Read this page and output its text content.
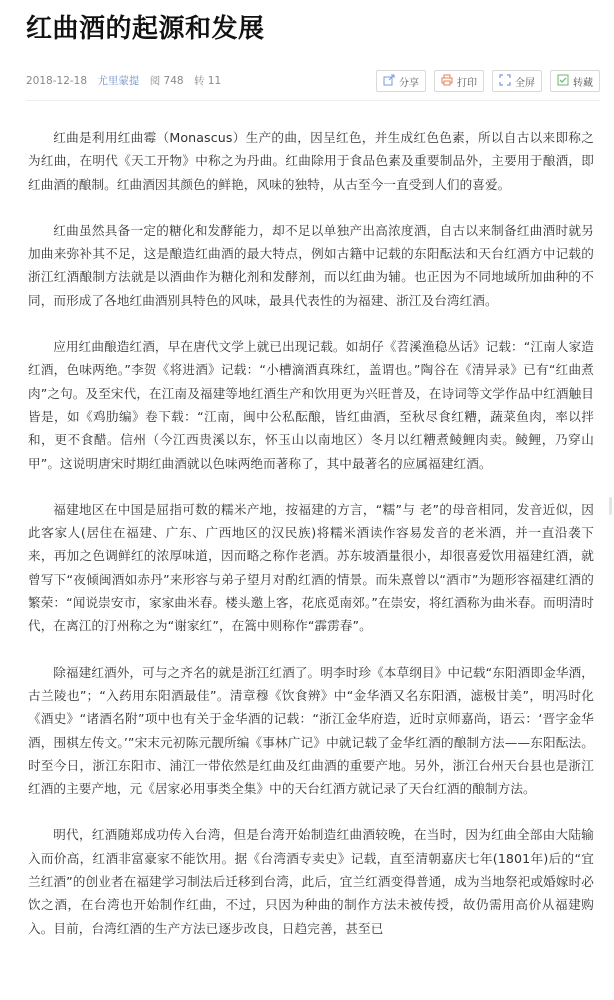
红曲酒的起源和发展
2018-12-18 尤里蒙提 阅 748 转 11	分享	打印	全屏	转藏

红曲是利用红曲霉（Monascus）生产的曲，因呈红色，并生成红色色素，所以自古以来即称之为红曲，在明代《天工开物》中称之为丹曲。红曲除用于食品色素及重要制品外，主要用于酿酒，即红曲酒的酿制。红曲酒因其颜色的鲜艳，风味的独特，从古至今一直受到人们的喜爱。

红曲虽然具备一定的糖化和发酵能力，却不足以单独产出高浓度酒，自古以来制备红曲酒时就另加曲来弥补其不足，这是酿造红曲酒的最大特点，例如古籍中记载的东阳酝法和天台红酒方中记载的浙江红酒酿制方法就是以酒曲作为糖化剂和发酵剂，而以红曲为辅。也正因为不同地域所加曲种的不同，而形成了各地红曲酒别具特色的风味，最具代表性的为福建、浙江及台湾红酒。

应用红曲酿造红酒，早在唐代文学上就已出现记载。如胡仔《苕溪渔稳丛话》记载：“江南人家造红酒，色味两绝。”李贺《将进酒》记载：“小槽滴酒真珠红，盖谓也。”陶谷在《清异录》已有“红曲煮肉”之句。及至宋代，在江南及福建等地红酒生产和饮用更为兴旺普及，在诗词等文学作品中红酒触目皆是，如《鸡肋编》卷下载：“江南，闽中公私酝酿，皆红曲酒，至秋尽食红糟，蔬菜鱼肉，率以拌和，更不食醋。信州（今江西贵溪以东，怀玉山以南地区）冬月以红糟煮鲮鲤肉卖。鲮鲤，乃穿山甲”。这说明唐宋时期红曲酒就以色味两绝而著称了，其中最著名的应属福建红酒。

福建地区在中国是屈指可数的糯米产地，按福建的方言，“糯”与 老”的母音相同，发音近似，因此客家人(居住在福建、广东、广西地区的汉民族)将糯米酒读作容易发音的老米酒，并一直沿袭下来，再加之色调鲜红的浓厚味道，因而略之称作老酒。苏东坡酒量很小，却很喜爱饮用福建红酒，就曾写下“夜倾闽酒如赤丹”来形容与弟子望月对酌红酒的情景。而朱熹曾以“酒市”为题形容福建红酒的繁荣：“闻说崇安市，家家曲米春。楼头邀上客，花底觅南郊。”在崇安，将红酒称为曲米春。而明清时代，在离江的汀州称之为“谢家红”，在篙中则称作“霹雳春”。

除福建红酒外，可与之齐名的就是浙江红酒了。明李时珍《本草纲目》中记载“东阳酒即金华酒，古兰陵也”；“入药用东阳酒最佳”。清章穆《饮食辨》中“金华酒又名东阳酒，滤极甘美”，明冯时化《酒史》“诸酒名附”项中也有关于金华酒的记载：“浙江金华府造，近时京师嘉尚，语云：‘晋字金华酒，围棋左传文。’”宋末元初陈元靓所编《事林广记》中就记载了金华红酒的酿制方法——东阳酝法。时至今日，浙江东阳市、浦江一带依然是红曲及红曲酒的重要产地。另外，浙江台州天台县也是浙江红酒的主要产地，元《居家必用事类全集》中的天台红酒方就记录了天台红酒的酿制方法。

明代，红酒随郑成功传入台湾，但是台湾开始制造红曲酒较晚，在当时，因为红曲全部由大陆输入而价高，红酒非富豪家不能饮用。据《台湾酒专卖史》记载，直至清朝嘉庆七年(1801年)后的“宜兰红酒”的创业者在福建学习制法后迁移到台湾，此后，宜兰红酒变得普通，成为当地祭祀或婚嫁时必饮之酒，在台湾也开始制作红曲，不过，只因为种曲的制作方法未被传授，故仍需用高价从福建购入。目前，台湾红酒的生产方法已逐步改良，日趋完善，甚至已
